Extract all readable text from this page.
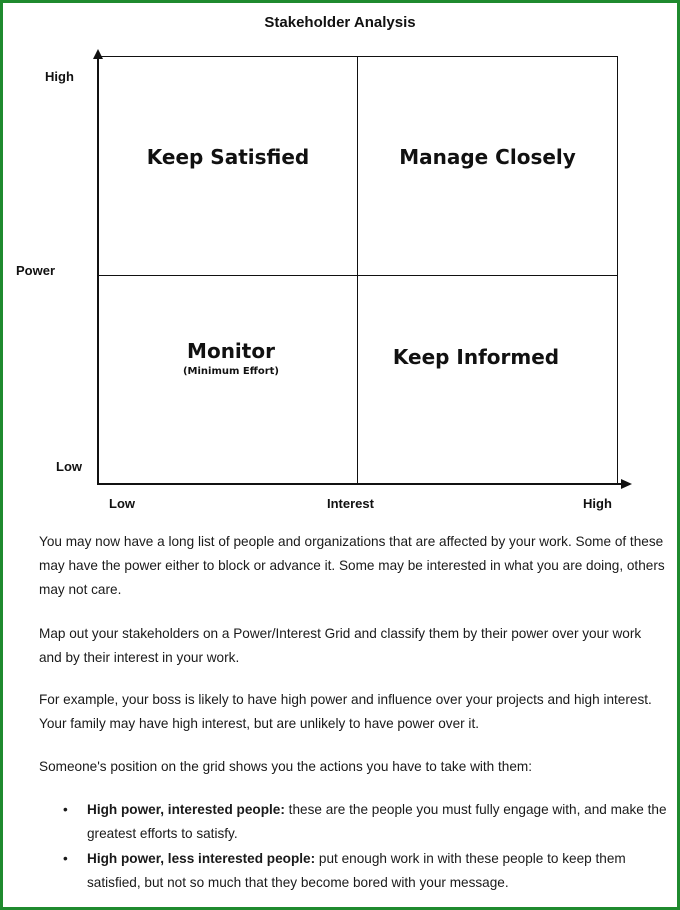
Stakeholder Analysis
Keep Satisfied	Manage Closely
Monitor
(Minimum Effort)
Keep Informed
High
Power
Low
Low	Interest	High
You may now have a long list of people and organizations that are affected by your work. Some of these may have the power either to block or advance it. Some may be interested in what you are doing, others may not care.
Map out your stakeholders on a Power/Interest Grid and classify them by their power over your work and by their interest in your work.
For example, your boss is likely to have high power and influence over your projects and high interest. Your family may have high interest, but are unlikely to have power over it.
Someone's position on the grid shows you the actions you have to take with them:
• High power, interested people: these are the people you must fully engage with, and make the greatest efforts to satisfy.
• High power, less interested people: put enough work in with these people to keep them satisfied, but not so much that they become bored with your message.
